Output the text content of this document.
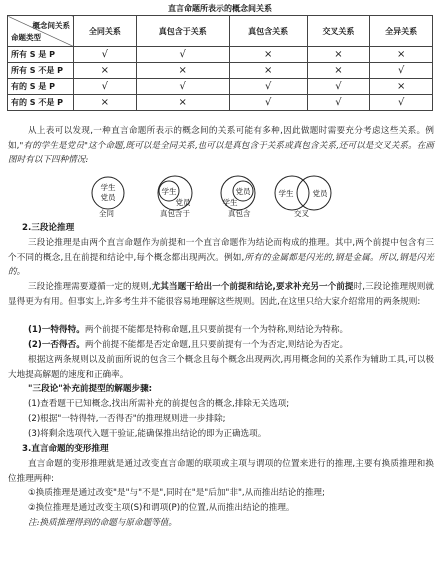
直言命题所表示的概念间关系
概念间关系
命题类型	全同关系	真包含于关系	真包含关系	交叉关系	全异关系
所有 S 是 P	√	√	×	×	×
所有 S 不是 P	×	×	×	×	√
有的 S 是 P	√	√	√	√	×
有的 S 不是 P	×	×	√	√	√
从上表可以发现,一种直言命题所表示的概念间的关系可能有多种,因此做题时需要充分考虑这些关系。例如,"有的学生是党员"这个命题,既可以是全同关系,也可以是真包含于关系或真包含关系,还可以是交叉关系。在画图时有以下四种情况:
学生
党员
学生
党员
党员
学生
学生	党员
全同	真包含于	真包含	交叉
2.三段论推理
三段论推理是由两个直言命题作为前提和一个直言命题作为结论而构成的推理。其中,两个前提中包含有三个不同的概念,且在前提和结论中,每个概念都出现两次。例如,所有的金属都是闪光的,钢是金属。所以,钢是闪光的。
三段论推理需要遵循一定的规则,尤其当题干给出一个前提和结论,要求补充另一个前提时,三段论推理规则就显得更为有用。但事实上,许多考生并不能很容易地理解这些规则。因此,在这里只给大家介绍常用的两条规则:
(1)一特得特。两个前提不能都是特称命题,且只要前提有一个为特称,则结论为特称。
(2)一否得否。两个前提不能都是否定命题,且只要前提有一个为否定,则结论为否定。
根据这两条规则以及前面所说的包含三个概念且每个概念出现两次,再用概念间的关系作为辅助工具,可以极大地提高解题的速度和正确率。
"三段论"补充前提型的解题步骤:
(1)查看题干已知概念,找出所需补充的前提包含的概念,排除无关选项;
(2)根据"一特得特,一否得否"的推理规则进一步排除;
(3)将剩余选项代入题干验证,能确保推出结论的即为正确选项。
3.直言命题的变形推理
直言命题的变形推理就是通过改变直言命题的联项或主项与谓项的位置来进行的推理,主要有换质推理和换位推理两种:
①换质推理是通过改变"是"与"不是",同时在"是"后加"非",从而推出结论的推理;
②换位推理是通过改变主项(S)和谓项(P)的位置,从而推出结论的推理。
注:换质推理得到的命题与原命题等值。
